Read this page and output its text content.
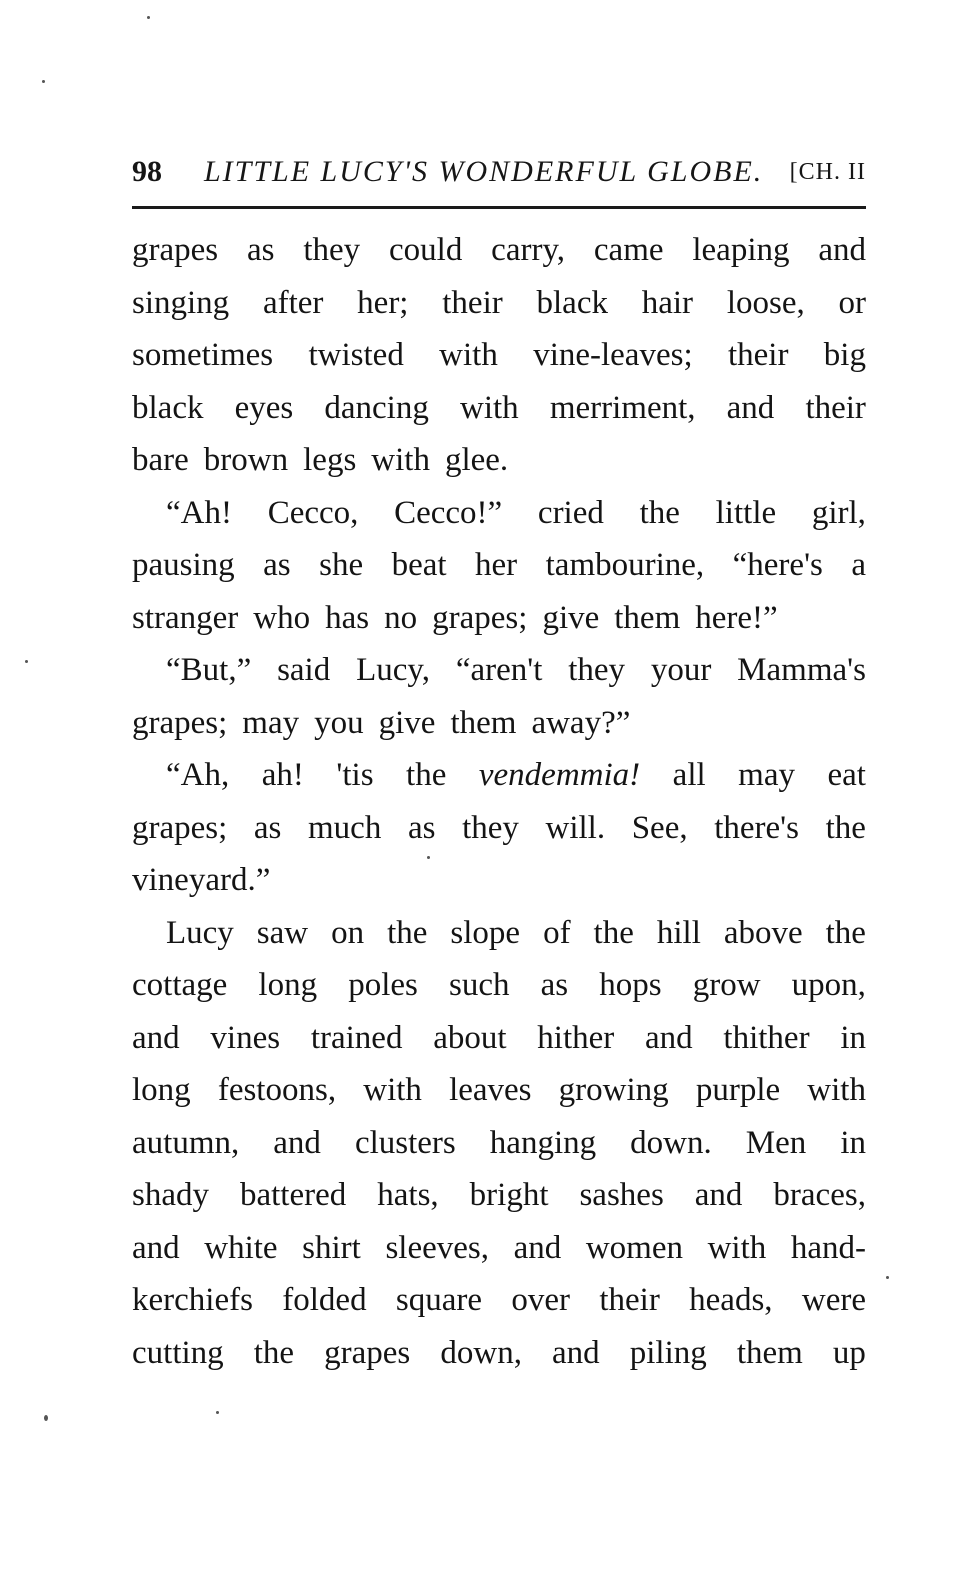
98 LITTLE LUCY'S WONDERFUL GLOBE. [CH. II
grapes as they could carry, came leaping and
singing after her; their black hair loose, or
sometimes twisted with vine-leaves; their big
black eyes dancing with merriment, and their
bare brown legs with glee.
“Ah! Cecco, Cecco!” cried the little girl,
pausing as she beat her tambourine, “here's a
stranger who has no grapes; give them here!”
“But,” said Lucy, “aren't they your Mamma's
grapes; may you give them away?”
“Ah, ah! 'tis the vendemmia! all may eat
grapes; as much as they will. See, there's the
vineyard.”
Lucy saw on the slope of the hill above the
cottage long poles such as hops grow upon,
and vines trained about hither and thither in
long festoons, with leaves growing purple with
autumn, and clusters hanging down. Men in
shady battered hats, bright sashes and braces,
and white shirt sleeves, and women with hand-
kerchiefs folded square over their heads, were
cutting the grapes down, and piling them up
